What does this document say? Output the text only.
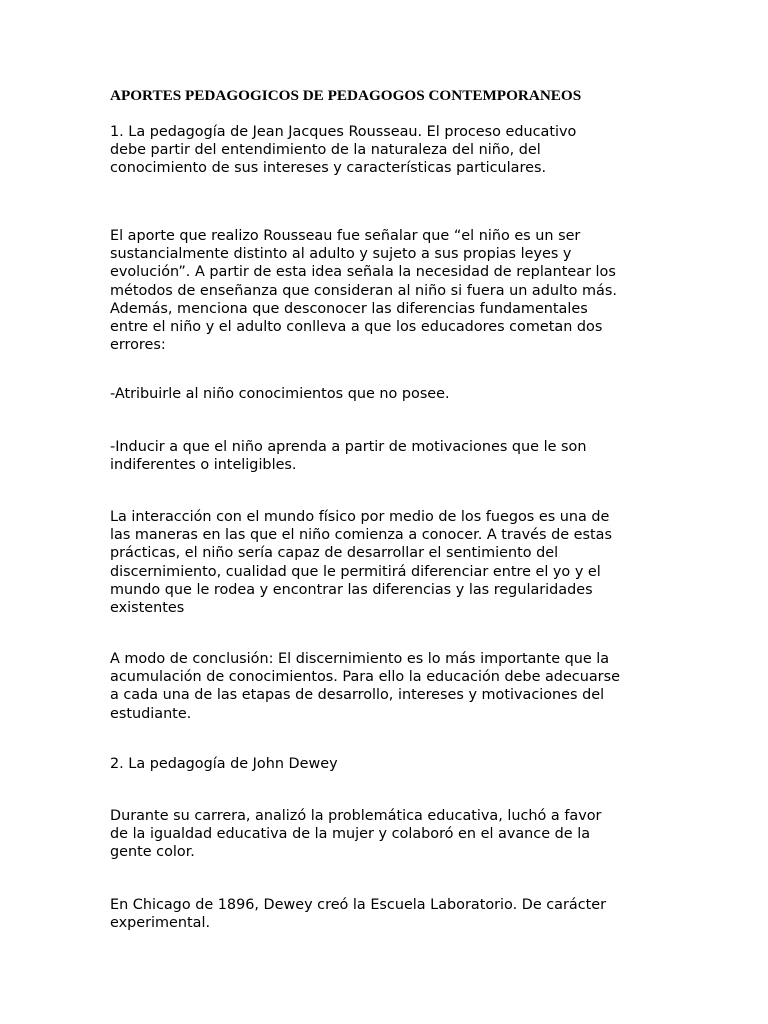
APORTES PEDAGOGICOS DE PEDAGOGOS CONTEMPORANEOS
1. La pedagogía de Jean Jacques Rousseau. El proceso educativo
debe partir del entendimiento de la naturaleza del niño, del
conocimiento de sus intereses y características particulares.
El aporte que realizo Rousseau fue señalar que “el niño es un ser
sustancialmente distinto al adulto y sujeto a sus propias leyes y
evolución”. A partir de esta idea señala la necesidad de replantear los
métodos de enseñanza que consideran al niño si fuera un adulto más.
Además, menciona que desconocer las diferencias fundamentales
entre el niño y el adulto conlleva a que los educadores cometan dos
errores:
-Atribuirle al niño conocimientos que no posee.
-Inducir a que el niño aprenda a partir de motivaciones que le son
indiferentes o inteligibles.
La interacción con el mundo físico por medio de los fuegos es una de
las maneras en las que el niño comienza a conocer. A través de estas
prácticas, el niño sería capaz de desarrollar el sentimiento del
discernimiento, cualidad que le permitirá diferenciar entre el yo y el
mundo que le rodea y encontrar las diferencias y las regularidades
existentes
A modo de conclusión: El discernimiento es lo más importante que la
acumulación de conocimientos. Para ello la educación debe adecuarse
a cada una de las etapas de desarrollo, intereses y motivaciones del
estudiante.
2. La pedagogía de John Dewey
Durante su carrera, analizó la problemática educativa, luchó a favor
de la igualdad educativa de la mujer y colaboró en el avance de la
gente color.
En Chicago de 1896, Dewey creó la Escuela Laboratorio. De carácter
experimental.
